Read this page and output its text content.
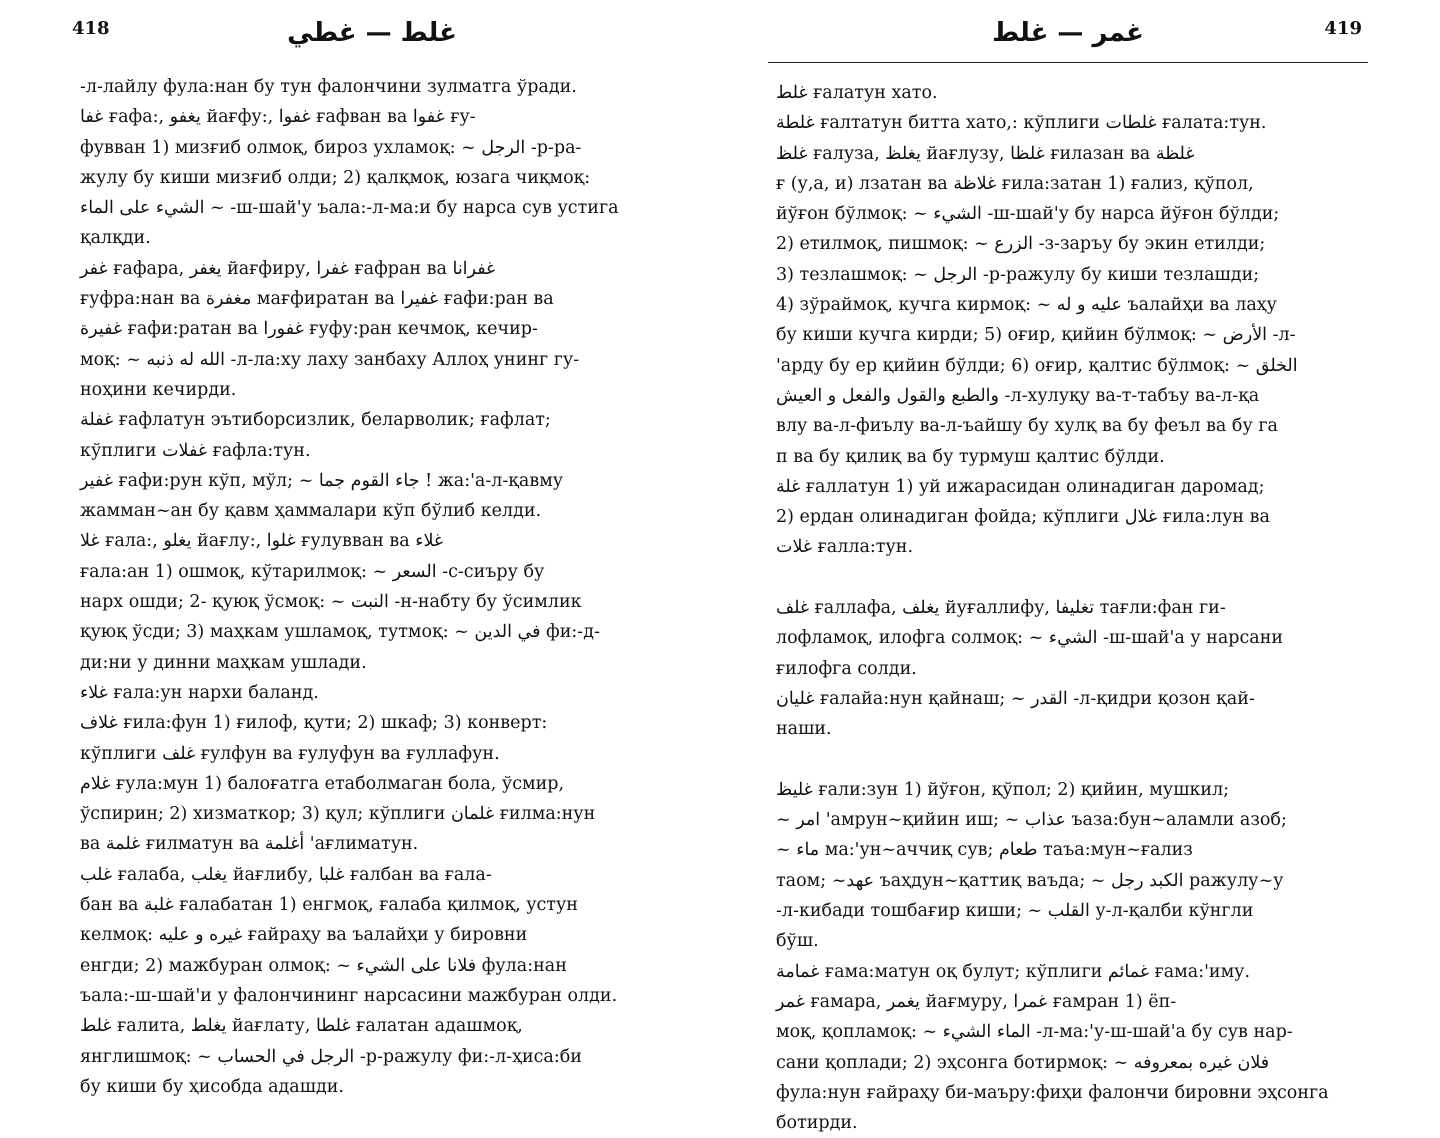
418	غلط — غطي
-л-лайлу фула:нан бу тун фалончини зулматга ўради.
غفا ғафа:, يغفو йағфу:, غفوا ғафван ва غفوا ғу-
фувван 1) мизғиб олмоқ, бироз ухламоқ: ~ الرجل -р-ра-
жулу бу киши мизғиб олди; 2) қалқмоқ, юзага чиқмоқ:
الشيء على الماء ~ -ш-шай'у ъала:-л-ма:и бу нарса сув устига
қалқди.
غفر ғафара, يغفر йағфиру, غفرا ғафран ва غفرانا
ғуфра:нан ва مغفرة мағфиратан ва غفيرا ғафи:ран ва
غفيرة ғафи:ратан ва غفورا ғуфу:ран кечмоқ, кечир-
моқ: ~ الله له ذنبه -л-ла:ху лаху занбаху Аллоҳ унинг гу-
ноҳини кечирди.
غفلة ғафлатун эътиборсизлик, беларволик; ғафлат;
кўплиги غفلات ғафла:тун.
غفير ғафи:рун кўп, мўл; ~ جاء القوم جما ! жа:'а-л-қавму
жамман~ан бу қавм ҳаммалари кўп бўлиб келди.
غلا ғала:, يغلو йағлу:, غلوا ғулувван ва غلاء
ғала:ан 1) ошмоқ, кўтарилмоқ: ~ السعر -с-сиъру бу
нарх ошди; 2- қуюқ ўсмоқ: ~ النبت -н-набту бу ўсимлик
қуюқ ўсди; 3) маҳкам ушламоқ, тутмоқ: ~ في الدين фи:-д-
ди:ни у динни маҳкам ушлади.
غلاء ғала:ун нархи баланд.
غلاف ғила:фун 1) ғилоф, қути; 2) шкаф; 3) конверт:
кўплиги غلف ғулфун ва ғулуфун ва ғуллафун.
غلام ғула:мун 1) балоғатга етаболмаган бола, ўсмир,
ўспирин; 2) хизматкор; 3) қул; кўплиги غلمان ғилма:нун
ва غلمة ғилматун ва أغلمة 'ағлиматун.
غلب ғалаба, يغلب йағлибу, غلبا ғалбан ва ғала-
бан ва غلبة ғалабатан 1) енгмоқ, ғалаба қилмоқ, устун
келмоқ: غيره و عليه ғайраҳу ва ъалайҳи у бировни
енгди; 2) мажбуран олмоқ: ~ فلانا على الشيء фула:нан
ъала:-ш-шай'и у фалончининг нарсасини мажбуран олди.
غلط ғалита, يغلط йағлату, غلطا ғалатан адашмоқ,
янглишмоқ: ~ الرجل في الحساب -р-ражулу фи:-л-ҳиса:би
бу киши бу ҳисобда адашди.
419
غمر — غلط
غلط ғалатун хато.
غلطة ғалтатун битта хато,: кўплиги غلطات ғалата:тун.
غلظ ғалуза, يغلظ йағлузу, غلظا ғилазан ва غلظة
ғ (у,а, и) лзатан ва غلاظة ғила:затан 1) ғализ, қўпол,
йўғон бўлмоқ: ~ الشيء -ш-шай'у бу нарса йўғон бўлди;
2) етилмоқ, пишмоқ: ~ الزرع -з-заръу бу экин етилди;
3) тезлашмоқ: ~ الرجل -р-ражулу бу киши тезлашди;
4) зўраймоқ, кучга кирмоқ: ~ عليه و له ъалайҳи ва лаҳу
бу киши кучга кирди; 5) оғир, қийин бўлмоқ: ~ الأرض -л-
'арду бу ер қийин бўлди; 6) оғир, қалтис бўлмоқ: ~ الخلق
والطبع والقول والفعل و العيش -л-хулуқу ва-т-табъу ва-л-қа
влу ва-л-фиълу ва-л-ъайшу бу хулқ ва бу феъл ва бу га
п ва бу қилиқ ва бу турмуш қалтис бўлди.
غلة ғаллатун 1) уй ижарасидан олинадиган даромад;
2) ердан олинадиган фойда; кўплиги غلال ғила:лун ва
غلات ғалла:тун.

غلف ғаллафа, يغلف йуғаллифу, تغليفا тағли:фан ги-
лофламоқ, илофга солмоқ: ~ الشيء -ш-шай'а у нарсани
ғилофга солди.
غليان ғалайа:нун қайнаш; ~ القدر -л-қидри қозон қай-
наши.

غليظ ғали:зун 1) йўғон, қўпол; 2) қийин, мушкил;
~ امر 'амрун~қийин иш; ~ عذاب ъаза:бун~аламли азоб;
~ ماء ма:'ун~аччиқ сув; طعام таъа:мун~ғализ
таом; ~عهد ъаҳдун~қаттиқ ваъда; ~ الكبد رجل ражулу~у
-л-кибади тошбағир киши; ~ القلب у-л-қалби кўнгли
бўш.
غمامة ғама:матун оқ булут; кўплиги غمائم ғама:'иму.
غمر ғамара, يغمر йағмуру, غمرا ғамран 1) ёп-
моқ, қопламоқ: ~ الماء الشيء -л-ма:'у-ш-шай'а бу сув нар-
сани қоплади; 2) эҳсонга ботирмоқ: ~ فلان غيره بمعروفه
фула:нун ғайраҳу би-маъру:фиҳи фалончи бировни эҳсонга
ботирди.
